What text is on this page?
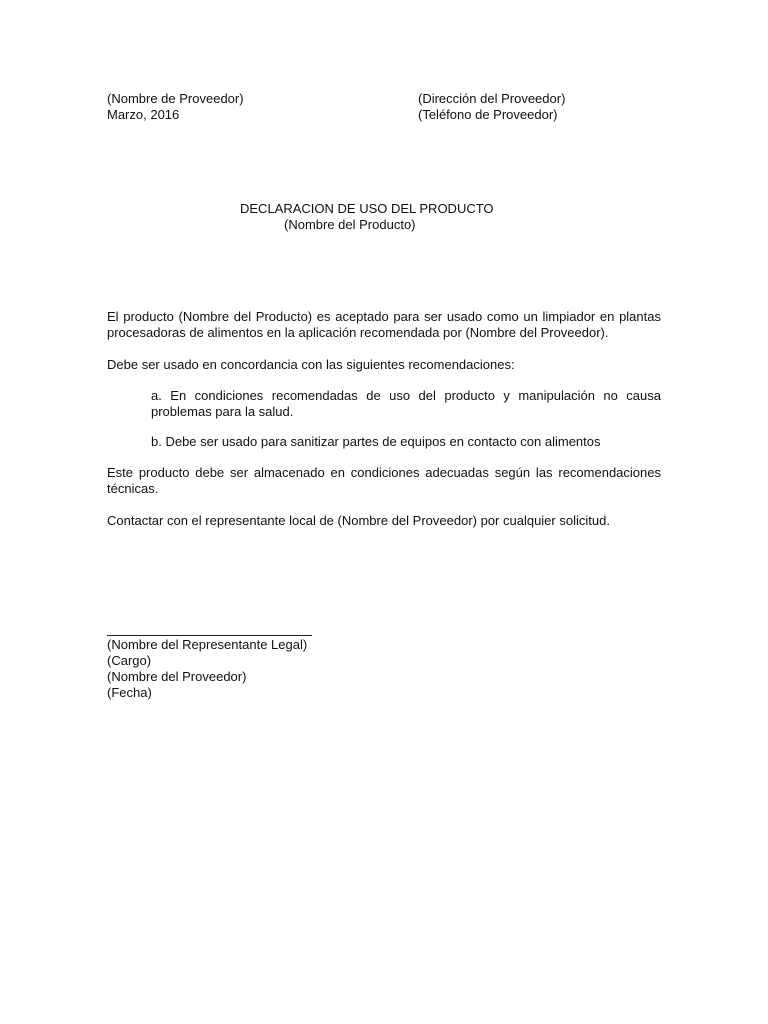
(Nombre de Proveedor)
Marzo, 2016
(Dirección del Proveedor)
(Teléfono de Proveedor)
DECLARACION DE USO DEL PRODUCTO
(Nombre del Producto)

El producto (Nombre del Producto) es aceptado para ser usado como un limpiador en plantas procesadoras de alimentos en la aplicación recomendada por (Nombre del Proveedor).

Debe ser usado en concordancia con las siguientes recomendaciones:

a. En condiciones recomendadas de uso del producto y manipulación no causa problemas para la salud.

b. Debe ser usado para sanitizar partes de equipos en contacto con alimentos

Este producto debe ser almacenado en condiciones adecuadas según las recomendaciones técnicas.

Contactar con el representante local de (Nombre del Proveedor) por cualquier solicitud.

(Nombre del Representante Legal)
(Cargo)
(Nombre del Proveedor)
(Fecha)
